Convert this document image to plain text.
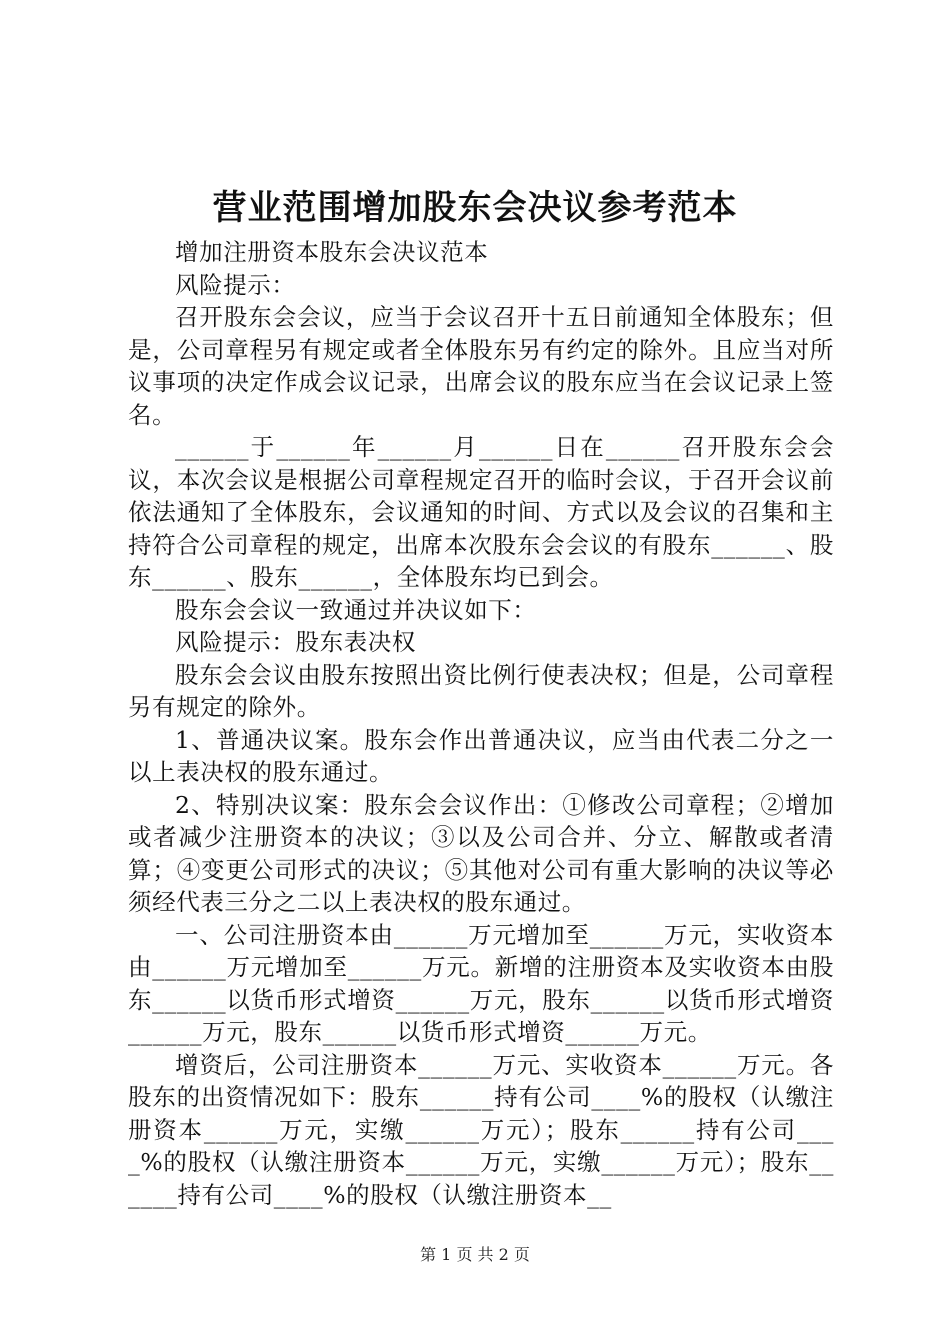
营业范围增加股东会决议参考范本

增加注册资本股东会决议范本

风险提示：

召开股东会会议，应当于会议召开十五日前通知全体股东；但是，公司章程另有规定或者全体股东另有约定的除外。且应当对所议事项的决定作成会议记录，出席会议的股东应当在会议记录上签名。

______于______年______月______日在______召开股东会会议，本次会议是根据公司章程规定召开的临时会议，于召开会议前依法通知了全体股东，会议通知的时间、方式以及会议的召集和主持符合公司章程的规定，出席本次股东会会议的有股东______、股东______、股东______，全体股东均已到会。

股东会会议一致通过并决议如下：

风险提示：股东表决权

股东会会议由股东按照出资比例行使表决权；但是，公司章程另有规定的除外。

1、普通决议案。股东会作出普通决议，应当由代表二分之一以上表决权的股东通过。

2、特别决议案：股东会会议作出：①修改公司章程；②增加或者减少注册资本的决议；③以及公司合并、分立、解散或者清算；④变更公司形式的决议；⑤其他对公司有重大影响的决议等必须经代表三分之二以上表决权的股东通过。

一、公司注册资本由______万元增加至______万元，实收资本由______万元增加至______万元。新增的注册资本及实收资本由股东______以货币形式增资______万元，股东______以货币形式增资______万元，股东______以货币形式增资______万元。

增资后，公司注册资本______万元、实收资本______万元。各股东的出资情况如下：股东______持有公司____%的股权（认缴注册资本______万元，实缴______万元）；股东______持有公司____%的股权（认缴注册资本______万元，实缴______万元）；股东______持有公司____%的股权（认缴注册资本__

第 1 页 共 2 页
